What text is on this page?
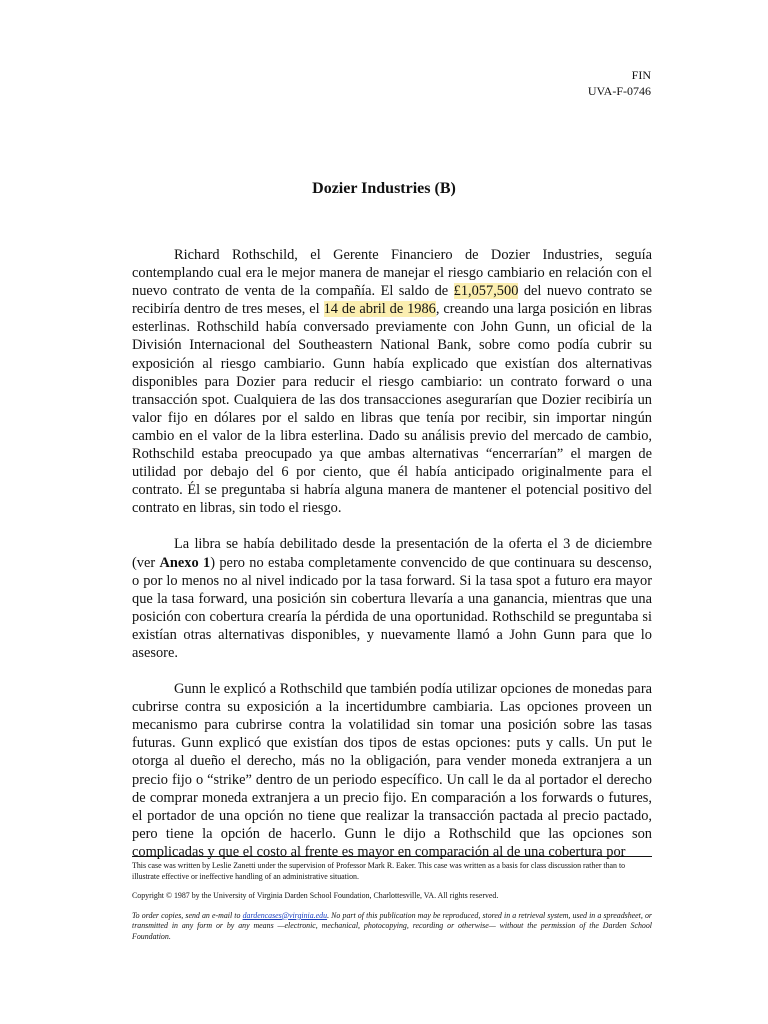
FIN
UVA-F-0746
Dozier Industries (B)

Richard Rothschild, el Gerente Financiero de Dozier Industries, seguía contemplando cual era le mejor manera de manejar el riesgo cambiario en relación con el nuevo contrato de venta de la compañía. El saldo de £1,057,500 del nuevo contrato se recibiría dentro de tres meses, el 14 de abril de 1986, creando una larga posición en libras esterlinas. Rothschild había conversado previamente con John Gunn, un oficial de la División Internacional del Southeastern National Bank, sobre como podía cubrir su exposición al riesgo cambiario. Gunn había explicado que existían dos alternativas disponibles para Dozier para reducir el riesgo cambiario: un contrato forward o una transacción spot. Cualquiera de las dos transacciones asegurarían que Dozier recibiría un valor fijo en dólares por el saldo en libras que tenía por recibir, sin importar ningún cambio en el valor de la libra esterlina. Dado su análisis previo del mercado de cambio, Rothschild estaba preocupado ya que ambas alternativas “encerrarían” el margen de utilidad por debajo del 6 por ciento, que él había anticipado originalmente para el contrato. Él se preguntaba si habría alguna manera de mantener el potencial positivo del contrato en libras, sin todo el riesgo.

La libra se había debilitado desde la presentación de la oferta el 3 de diciembre (ver Anexo 1) pero no estaba completamente convencido de que continuara su descenso, o por lo menos no al nivel indicado por la tasa forward. Si la tasa spot a futuro era mayor que la tasa forward, una posición sin cobertura llevaría a una ganancia, mientras que una posición con cobertura crearía la pérdida de una oportunidad. Rothschild se preguntaba si existían otras alternativas disponibles, y nuevamente llamó a John Gunn para que lo asesore.

Gunn le explicó a Rothschild que también podía utilizar opciones de monedas para cubrirse contra su exposición a la incertidumbre cambiaria. Las opciones proveen un mecanismo para cubrirse contra la volatilidad sin tomar una posición sobre las tasas futuras. Gunn explicó que existían dos tipos de estas opciones: puts y calls. Un put le otorga al dueño el derecho, más no la obligación, para vender moneda extranjera a un precio fijo o “strike” dentro de un periodo específico. Un call le da al portador el derecho de comprar moneda extranjera a un precio fijo. En comparación a los forwards o futures, el portador de una opción no tiene que realizar la transacción pactada al precio pactado, pero tiene la opción de hacerlo. Gunn le dijo a Rothschild que las opciones son complicadas y que el costo al frente es mayor en comparación al de una cobertura por

This case was written by Leslie Zanetti under the supervision of Professor Mark R. Eaker. This case was written as a basis for class discussion rather than to illustrate effective or ineffective handling of an administrative situation.

Copyright © 1987 by the University of Virginia Darden School Foundation, Charlottesville, VA. All rights reserved.

To order copies, send an e-mail to dardencases@virginia.edu. No part of this publication may be reproduced, stored in a retrieval system, used in a spreadsheet, or transmitted in any form or by any means —electronic, mechanical, photocopying, recording or otherwise— without the permission of the Darden School Foundation.
